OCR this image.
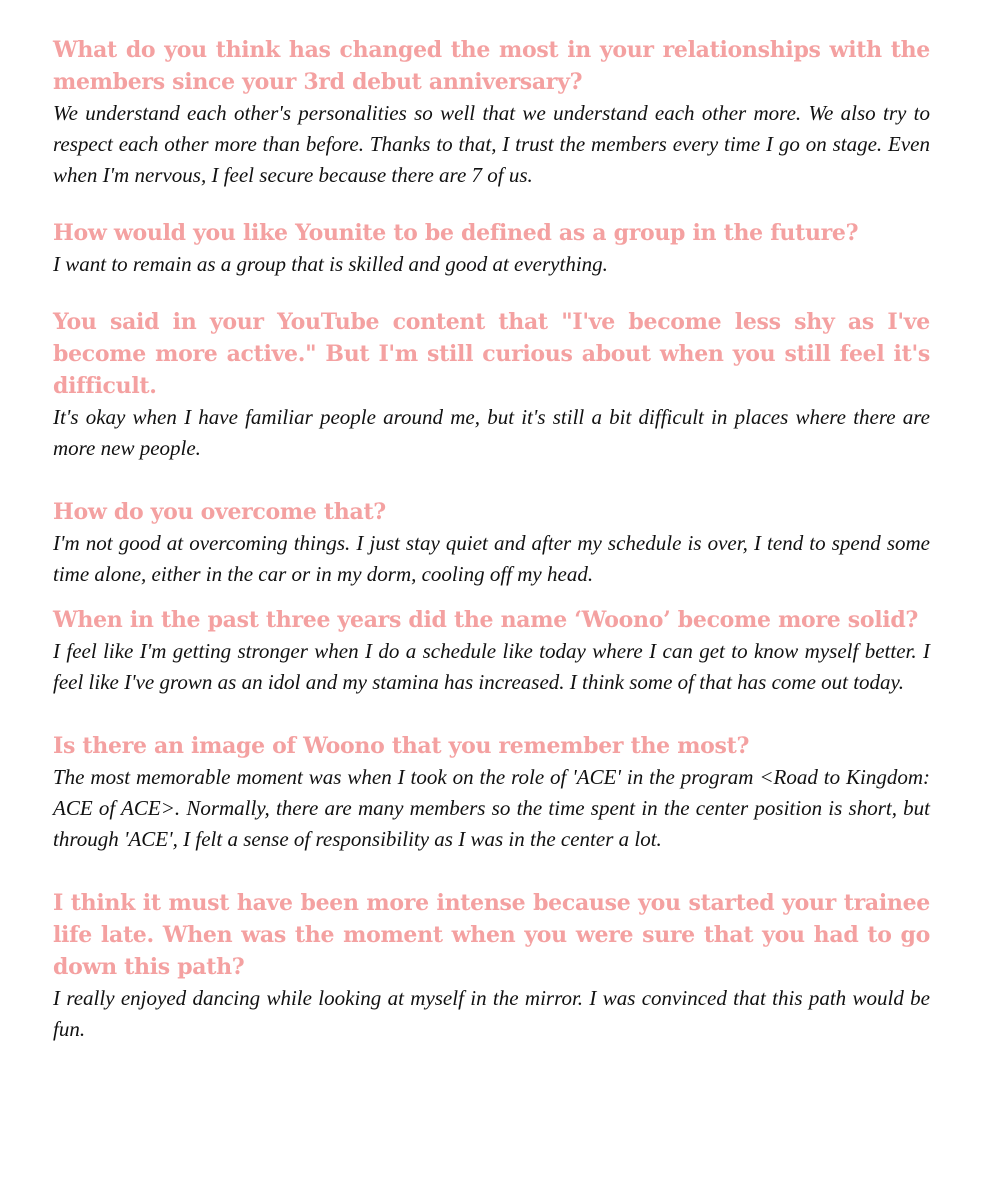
What do you think has changed the most in your relationships with the members since your 3rd debut anniversary?

We understand each other's personalities so well that we understand each other more. We also try to respect each other more than before. Thanks to that, I trust the members every time I go on stage. Even when I'm nervous, I feel secure because there are 7 of us.

How would you like Younite to be defined as a group in the future?

I want to remain as a group that is skilled and good at everything.

You said in your YouTube content that "I've become less shy as I've become more active." But I'm still curious about when you still feel it's difficult.

It's okay when I have familiar people around me, but it's still a bit difficult in places where there are more new people.

How do you overcome that?

I'm not good at overcoming things. I just stay quiet and after my schedule is over, I tend to spend some time alone, either in the car or in my dorm, cooling off my head.

When in the past three years did the name ‘Woono’ become more solid?

I feel like I'm getting stronger when I do a schedule like today where I can get to know myself better. I feel like I've grown as an idol and my stamina has increased. I think some of that has come out today.

Is there an image of Woono that you remember the most?

The most memorable moment was when I took on the role of 'ACE' in the program <Road to Kingdom: ACE of ACE>. Normally, there are many members so the time spent in the center position is short, but through 'ACE', I felt a sense of responsibility as I was in the center a lot.

I think it must have been more intense because you started your trainee life late. When was the moment when you were sure that you had to go down this path?

I really enjoyed dancing while looking at myself in the mirror. I was convinced that this path would be fun.
